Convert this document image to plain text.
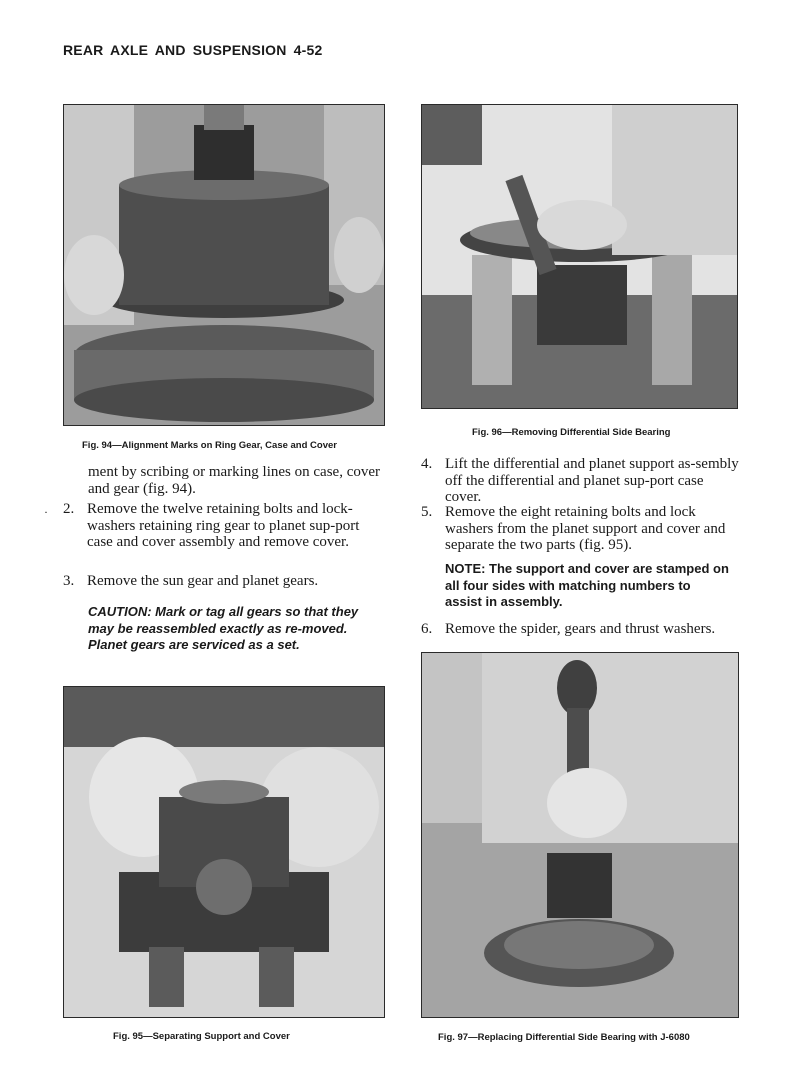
REAR AXLE AND SUSPENSION 4-52
Fig. 94—Alignment Marks on Ring Gear, Case and Cover
Fig. 96—Removing Differential Side Bearing

ment by scribing or marking lines on case, cover and gear (fig. 94).

· 2. Remove the twelve retaining bolts and lock-washers retaining ring gear to planet sup-port case and cover assembly and remove cover.
3. Remove the sun gear and planet gears.

CAUTION: Mark or tag all gears so that they may be reassembled exactly as re-moved. Planet gears are serviced as a set.

4. Lift the differential and planet support as-sembly off the differential and planet sup-port case cover.
5. Remove the eight retaining bolts and lock washers from the planet support and cover and separate the two parts (fig. 95).

NOTE: The support and cover are stamped on all four sides with matching numbers to assist in assembly.

6. Remove the spider, gears and thrust washers.
Fig. 95—Separating Support and Cover	Fig. 97—Replacing Differential Side Bearing with J-6080
